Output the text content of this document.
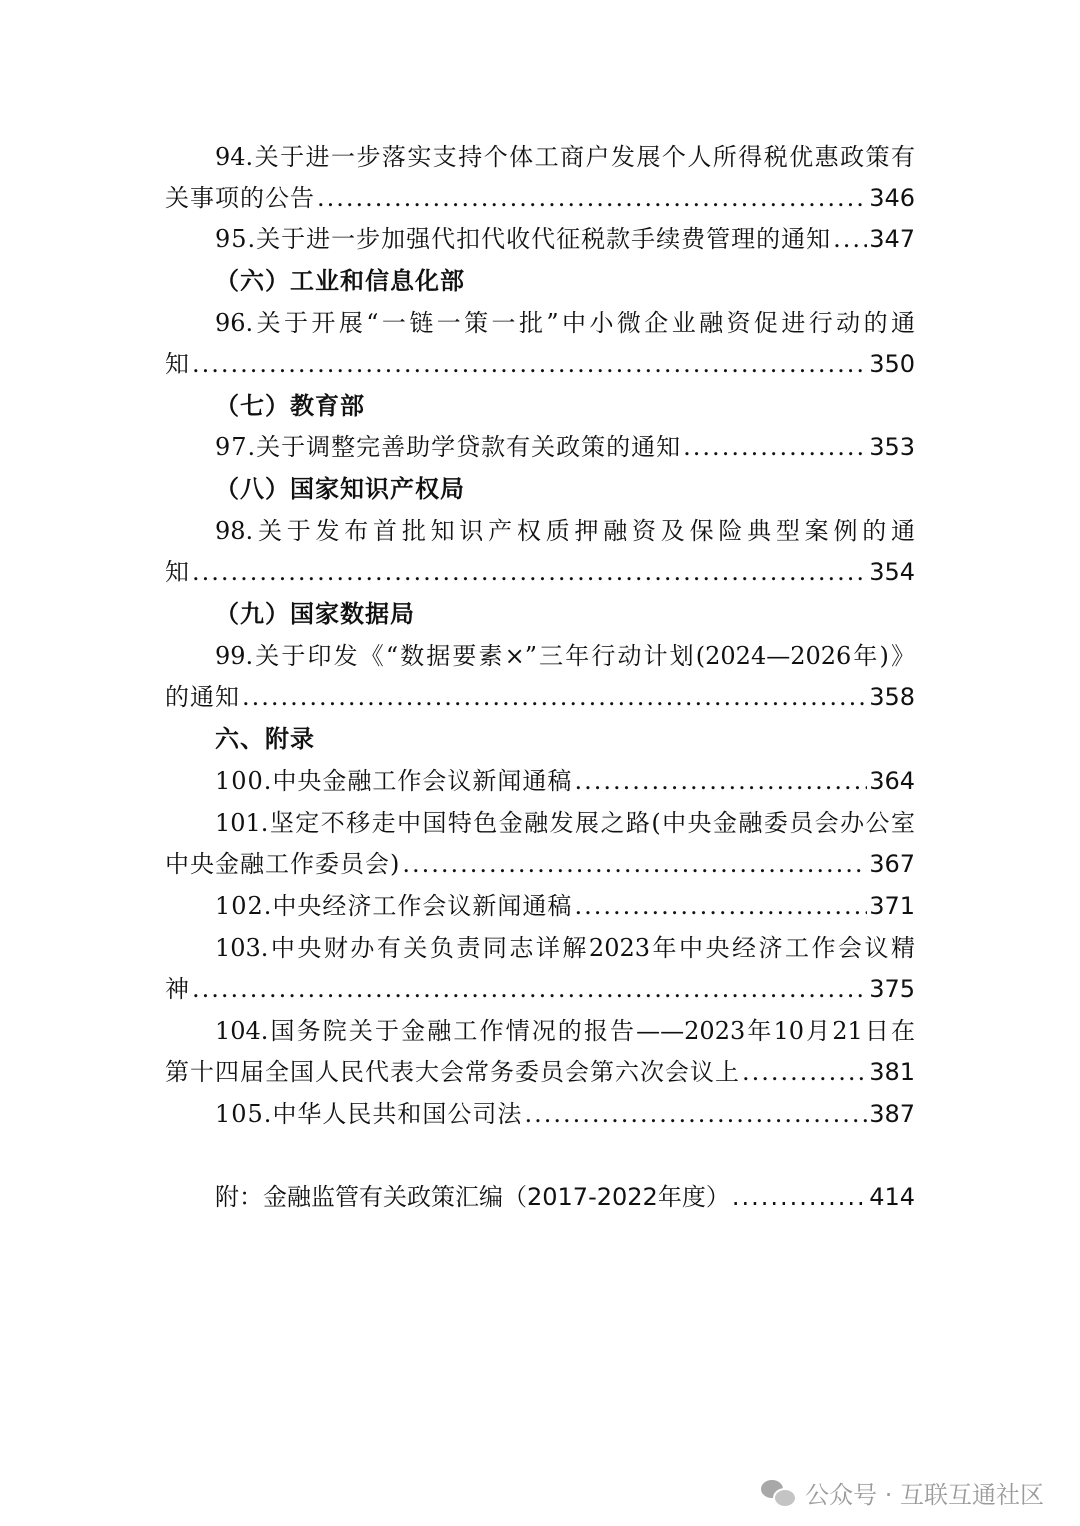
94.关于进一步落实支持个体工商户发展个人所得税优惠政策有
关事项的公告 .....	346
95.关于进一步加强代扣代收代征税款手续费管理的通知 ..... 347
（六）工业和信息化部
96.关于开展“一链一策一批”中小微企业融资促进行动的通
知 .....	350
（七）教育部
97.关于调整完善助学贷款有关政策的通知 .....	353
（八）国家知识产权局
98.关于发布首批知识产权质押融资及保险典型案例的通
知 .....	354
（九）国家数据局
99.关于印发《“数据要素×”三年行动计划(2024—2026年)》
的通知 .....	358
六、附录
100.中央金融工作会议新闻通稿 .....	364
101.坚定不移走中国特色金融发展之路(中央金融委员会办公室
中央金融工作委员会) .....	367
102.中央经济工作会议新闻通稿 .....	371
103.中央财办有关负责同志详解2023年中央经济工作会议精
神 .....	375
104.国务院关于金融工作情况的报告——2023年10月21日在
第十四届全国人民代表大会常务委员会第六次会议上 .....	381
105.中华人民共和国公司法 .....	387
附：金融监管有关政策汇编（2017-2022年度） .....	414
公众号 · 互联互通社区
